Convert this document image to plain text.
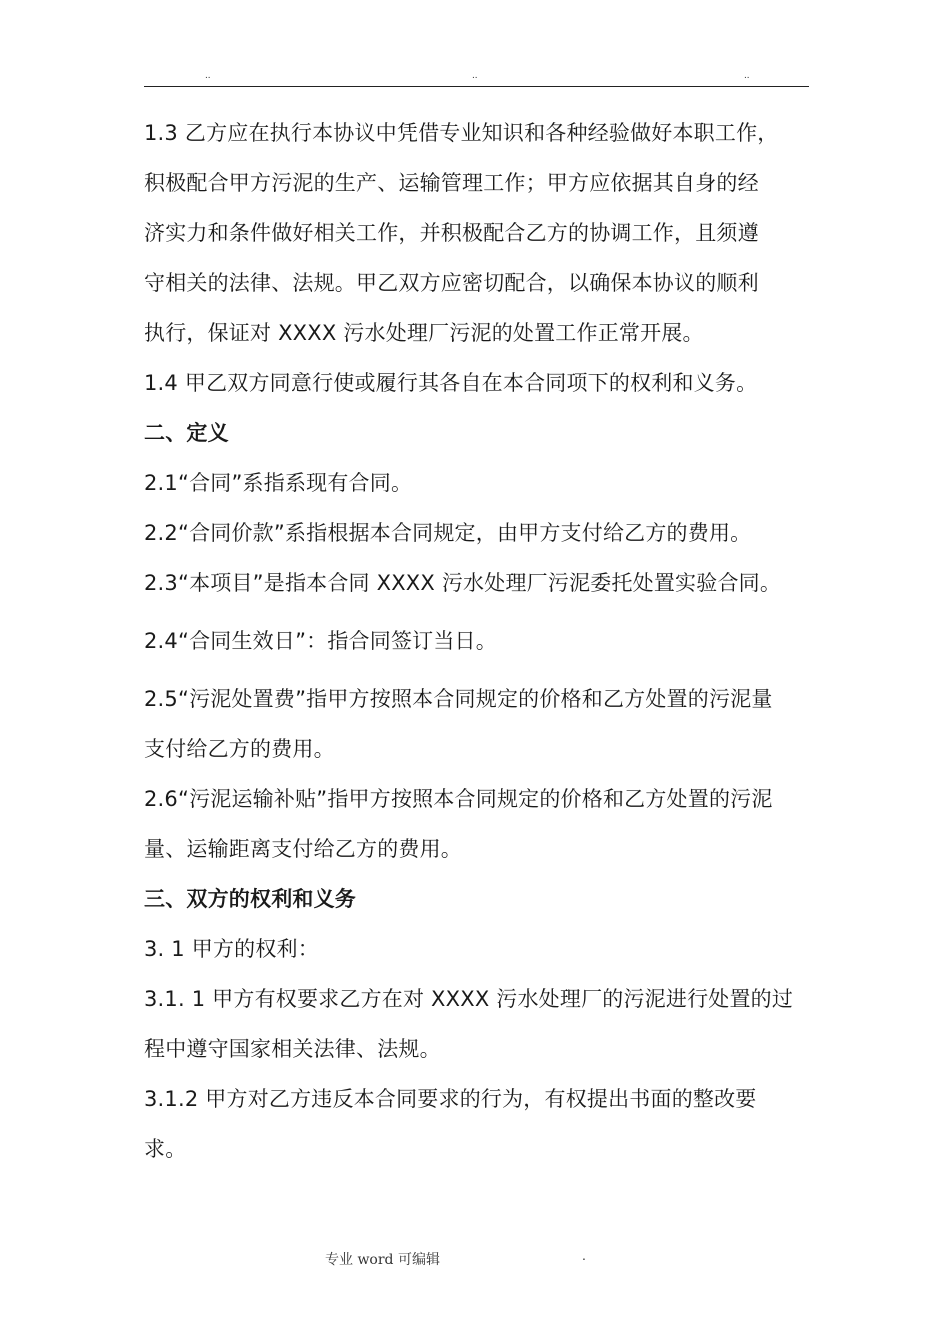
..	..	..
1.3 乙方应在执行本协议中凭借专业知识和各种经验做好本职工作，
积极配合甲方污泥的生产、运输管理工作；甲方应依据其自身的经
济实力和条件做好相关工作，并积极配合乙方的协调工作，且须遵
守相关的法律、法规。甲乙双方应密切配合，以确保本协议的顺利
执行，保证对 XXXX 污水处理厂污泥的处置工作正常开展。
1.4 甲乙双方同意行使或履行其各自在本合同项下的权利和义务。
二、定义
2.1“合同”系指系现有合同。
2.2“合同价款”系指根据本合同规定，由甲方支付给乙方的费用。
2.3“本项目”是指本合同 XXXX 污水处理厂污泥委托处置实验合同。
2.4“合同生效日”：指合同签订当日。
2.5“污泥处置费”指甲方按照本合同规定的价格和乙方处置的污泥量
支付给乙方的费用。
2.6“污泥运输补贴”指甲方按照本合同规定的价格和乙方处置的污泥
量、运输距离支付给乙方的费用。
三、双方的权利和义务
3. 1 甲方的权利：
3.1. 1 甲方有权要求乙方在对 XXXX 污水处理厂的污泥进行处置的过
程中遵守国家相关法律、法规。
3.1.2 甲方对乙方违反本合同要求的行为，有权提出书面的整改要
求。
专业 word 可编辑	.
